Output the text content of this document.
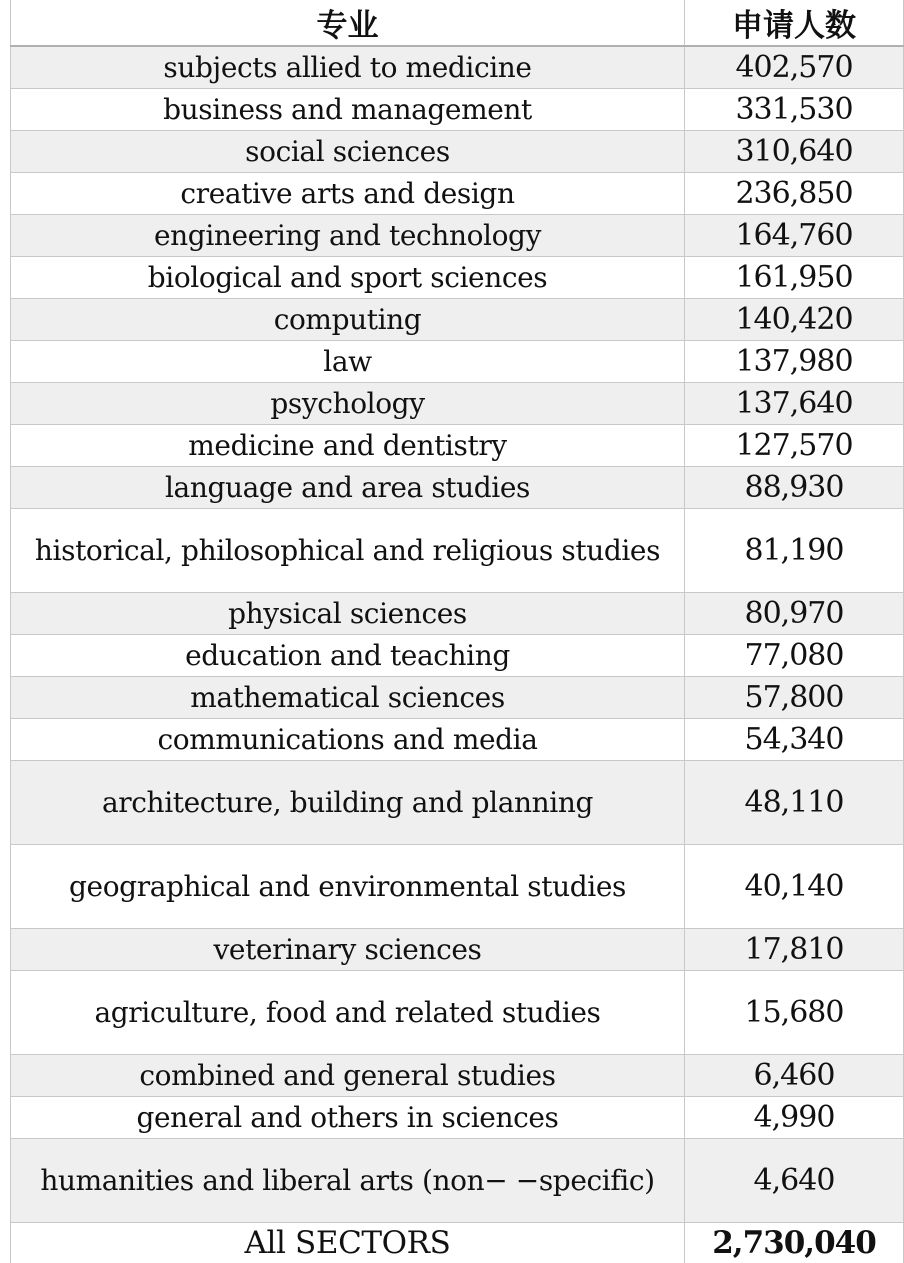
专业	申请人数
subjects allied to medicine	402,570
business and management	331,530
social sciences	310,640
creative arts and design	236,850
engineering and technology	164,760
biological and sport sciences	161,950
computing	140,420
law	137,980
psychology	137,640
medicine and dentistry	127,570
language and area studies	88,930
historical, philosophical and religious studies	81,190
physical sciences	80,970
education and teaching	77,080
mathematical sciences	57,800
communications and media	54,340
architecture, building and planning	48,110
geographical and environmental studies	40,140
veterinary sciences	17,810
agriculture, food and related studies	15,680
combined and general studies	6,460
general and others in sciences	4,990
humanities and liberal arts (non− −specific)	4,640
All SECTORS	2,730,040
